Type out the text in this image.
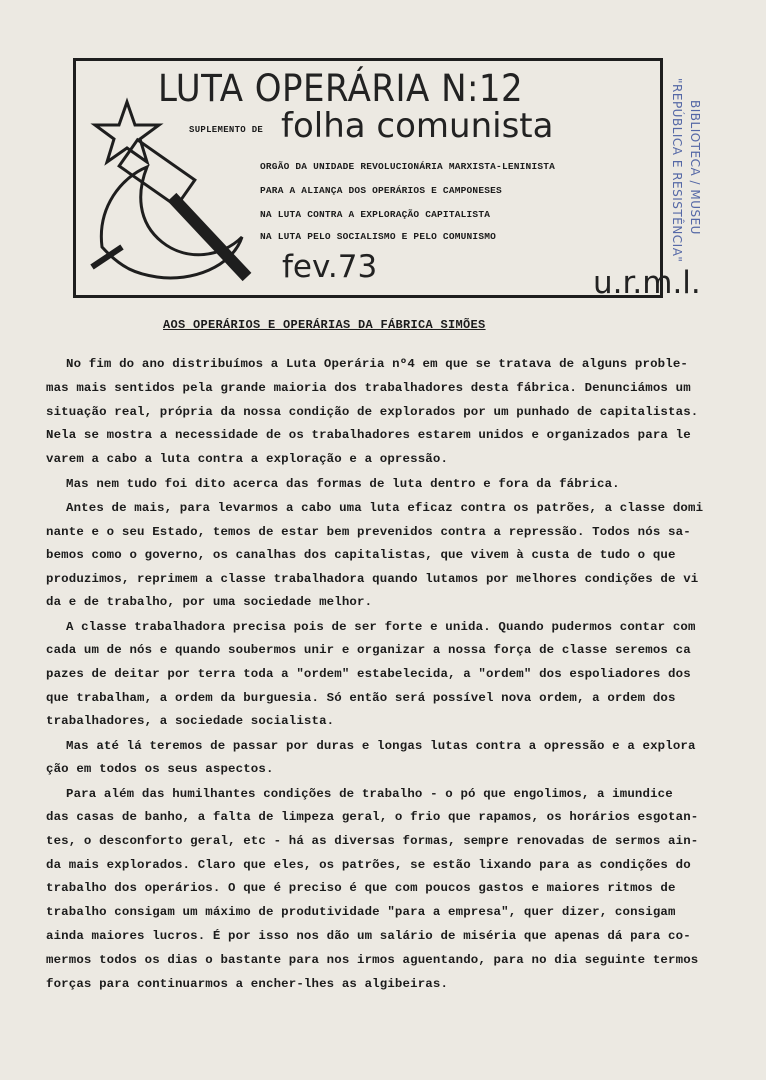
LUTA OPERÁRIA N:12
SUPLEMENTO DE folha comunista
ORGÃO DA UNIDADE REVOLUCIONÁRIA MARXISTA-LENINISTA
PARA A ALIANÇA DOS OPERÁRIOS E CAMPONESES
NA LUTA CONTRA A EXPLORAÇÃO CAPITALISTA
NA LUTA PELO SOCIALISMO E PELO COMUNISMO
fev.73	u.r.m.l.
BIBLIOTECA / MUSEU
"REPÚBLICA E RESISTÊNCIA"
AOS OPERÁRIOS E OPERÁRIAS DA FÁBRICA SIMÕES
No fim do ano distribuímos a Luta Operária nº4 em que se tratava de alguns proble-
mas mais sentidos pela grande maioria dos trabalhadores desta fábrica. Denunciámos um
situação real, própria da nossa condição de explorados por um punhado de capitalistas.
Nela se mostra a necessidade de os trabalhadores estarem unidos e organizados para le
varem a cabo a luta contra a exploração e a opressão.
Mas nem tudo foi dito acerca das formas de luta dentro e fora da fábrica.
Antes de mais, para levarmos a cabo uma luta eficaz contra os patrões, a classe domi
nante e o seu Estado, temos de estar bem prevenidos contra a repressão. Todos nós sa-
bemos como o governo, os canalhas dos capitalistas, que vivem à custa de tudo o que
produzimos, reprimem a classe trabalhadora quando lutamos por melhores condições de vi
da e de trabalho, por uma sociedade melhor.
A classe trabalhadora precisa pois de ser forte e unida. Quando pudermos contar com
cada um de nós e quando soubermos unir e organizar a nossa força de classe seremos ca
pazes de deitar por terra toda a "ordem" estabelecida, a "ordem" dos espoliadores dos
que trabalham, a ordem da burguesia. Só então será possível nova ordem, a ordem dos
trabalhadores, a sociedade socialista.
Mas até lá teremos de passar por duras e longas lutas contra a opressão e a explora
ção em todos os seus aspectos.
Para além das humilhantes condições de trabalho - o pó que engolimos, a imundice
das casas de banho, a falta de limpeza geral, o frio que rapamos, os horários esgotan-
tes, o desconforto geral, etc - há as diversas formas, sempre renovadas de sermos ain-
da mais explorados. Claro que eles, os patrões, se estão lixando para as condições do
trabalho dos operários. O que é preciso é que com poucos gastos e maiores ritmos de
trabalho consigam um máximo de produtividade "para a empresa", quer dizer, consigam
ainda maiores lucros. É por isso nos dão um salário de miséria que apenas dá para co-
mermos todos os dias o bastante para nos irmos aguentando, para no dia seguinte termos
forças para continuarmos a encher-lhes as algibeiras.
